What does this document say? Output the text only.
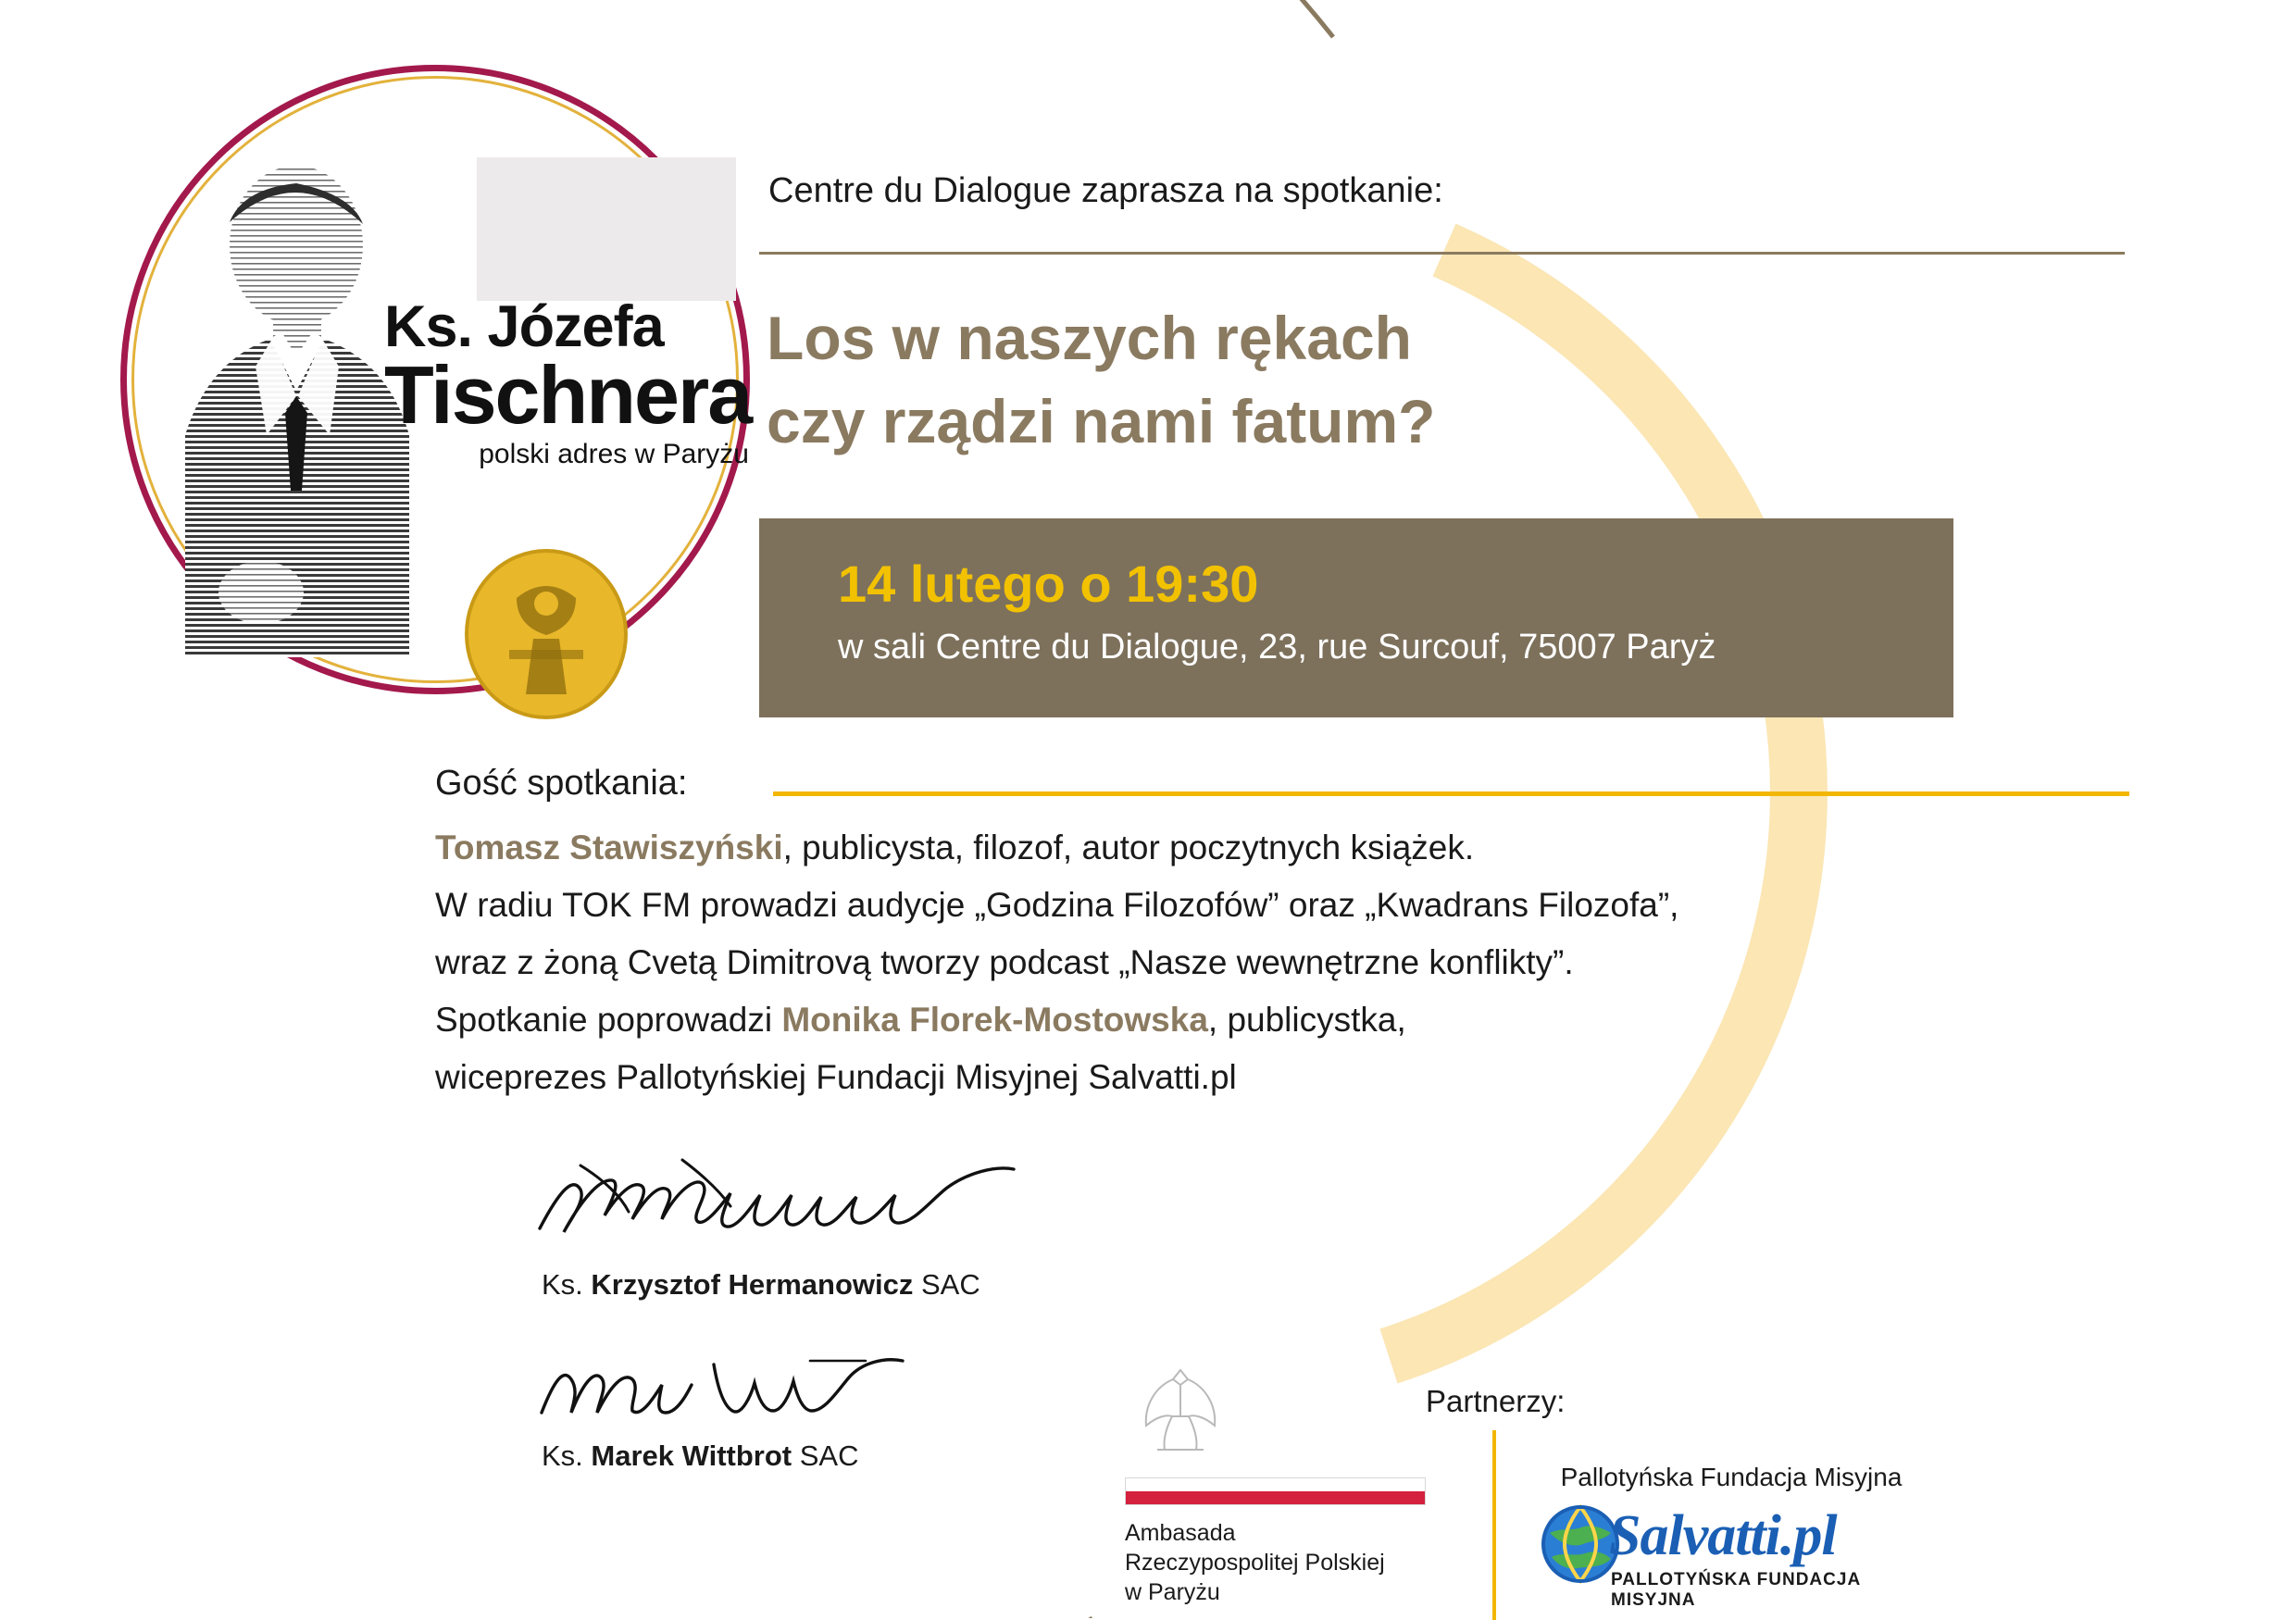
Ks. Józefa
Tischnera
polski adres w Paryżu
Centre du Dialogue zaprasza na spotkanie:
Los w naszych rękach
czy rządzi nami fatum?
14 lutego o 19:30
w sali Centre du Dialogue, 23, rue Surcouf, 75007 Paryż
Gość spotkania:
Tomasz Stawiszyński, publicysta, filozof, autor poczytnych książek.
W radiu TOK FM prowadzi audycje „Godzina Filozofów” oraz „Kwadrans Filozofa”,
wraz z żoną Cvetą Dimitrovą tworzy podcast „Nasze wewnętrzne konflikty”.
Spotkanie poprowadzi Monika Florek-Mostowska, publicystka,
wiceprezes Pallotyńskiej Fundacji Misyjnej Salvatti.pl
Ks. Krzysztof Hermanowicz SAC
Ks. Marek Wittbrot SAC
Ambasada
Rzeczypospolitej Polskiej
w Paryżu
Partnerzy:
Pallotyńska Fundacja Misyjna
Salvatti.pl
PALLOTYŃSKA FUNDACJA MISYJNA
